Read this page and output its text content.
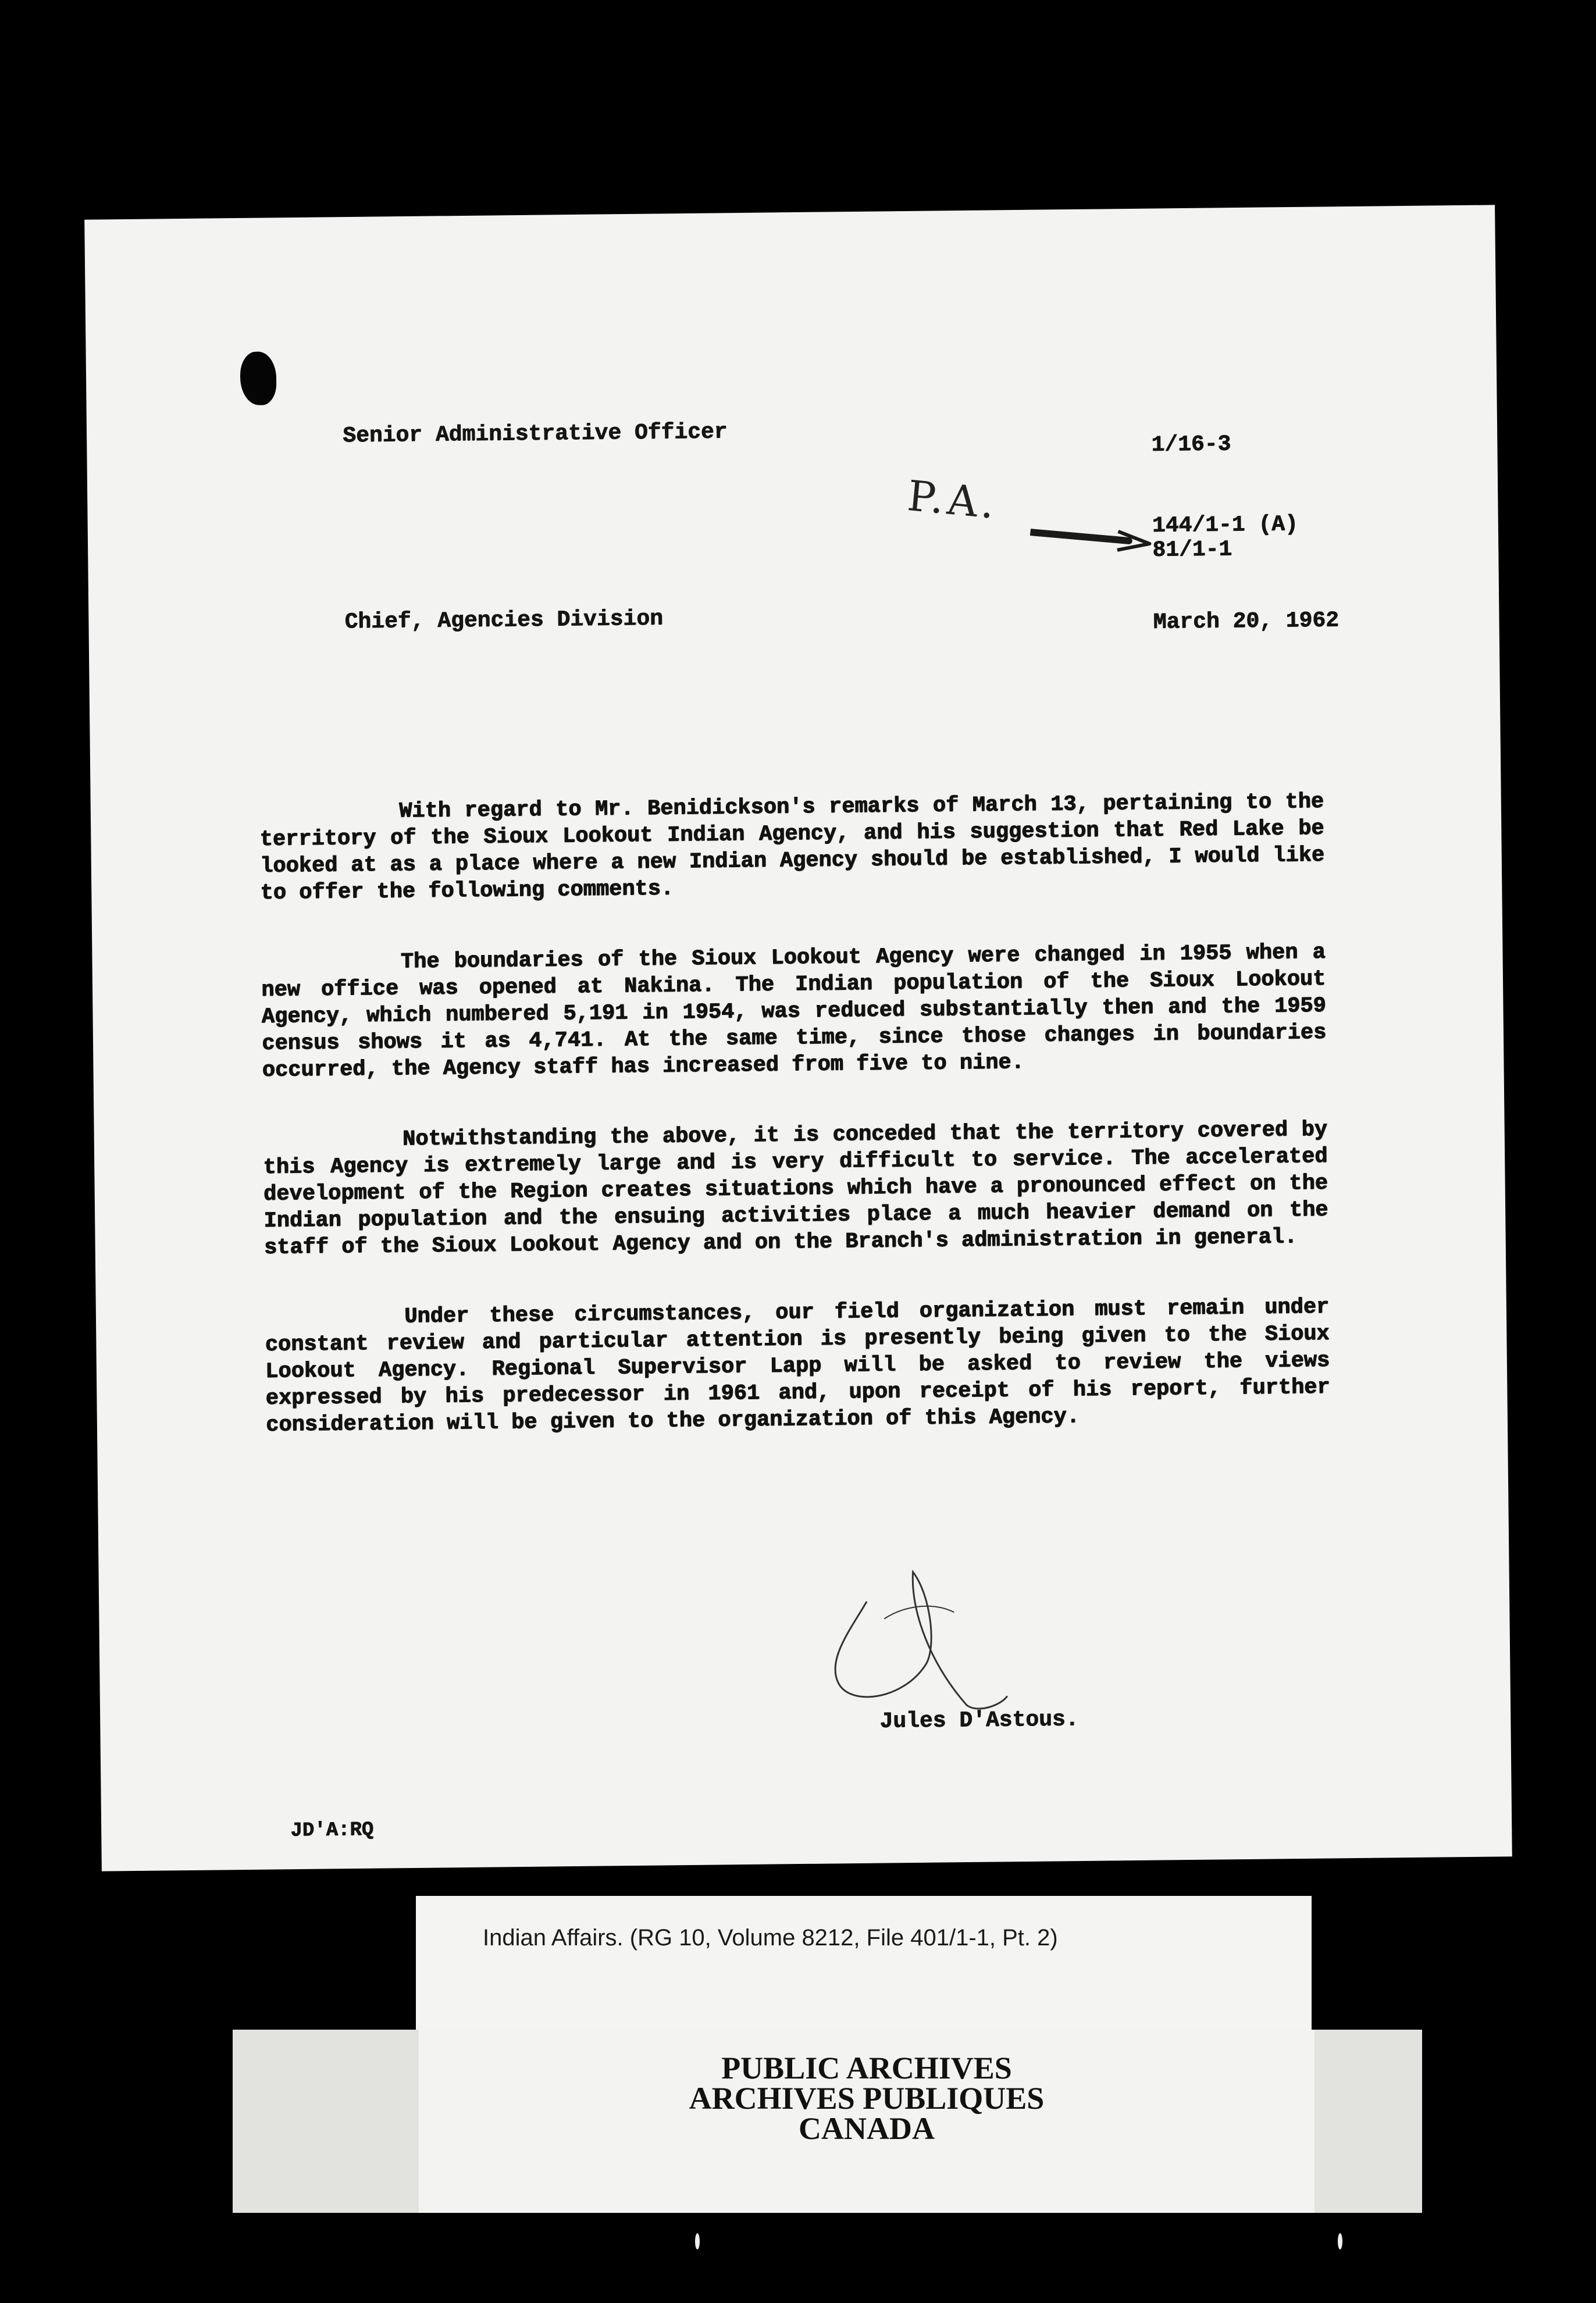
Senior Administrative Officer	1/16-3
P.A.	144/1-1 (A)
81/1-1
Chief, Agencies Division	March 20, 1962

With regard to Mr. Benidickson's remarks of March 13, pertaining to the territory of the Sioux Lookout Indian Agency, and his suggestion that Red Lake be looked at as a place where a new Indian Agency should be established, I would like to offer the following comments.

The boundaries of the Sioux Lookout Agency were changed in 1955 when a new office was opened at Nakina. The Indian population of the Sioux Lookout Agency, which numbered 5,191 in 1954, was reduced substantially then and the 1959 census shows it as 4,741. At the same time, since those changes in boundaries occurred, the Agency staff has increased from five to nine.

Notwithstanding the above, it is conceded that the territory covered by this Agency is extremely large and is very difficult to service. The accelerated development of the Region creates situations which have a pronounced effect on the Indian population and the ensuing activities place a much heavier demand on the staff of the Sioux Lookout Agency and on the Branch's administration in general.

Under these circumstances, our field organization must remain under constant review and particular attention is presently being given to the Sioux Lookout Agency. Regional Supervisor Lapp will be asked to review the views expressed by his predecessor in 1961 and, upon receipt of his report, further consideration will be given to the organization of this Agency.

Jules D'Astous.
JD'A:RQ
Indian Affairs. (RG 10, Volume 8212, File 401/1-1, Pt. 2)
PUBLIC ARCHIVES
ARCHIVES PUBLIQUES
CANADA
